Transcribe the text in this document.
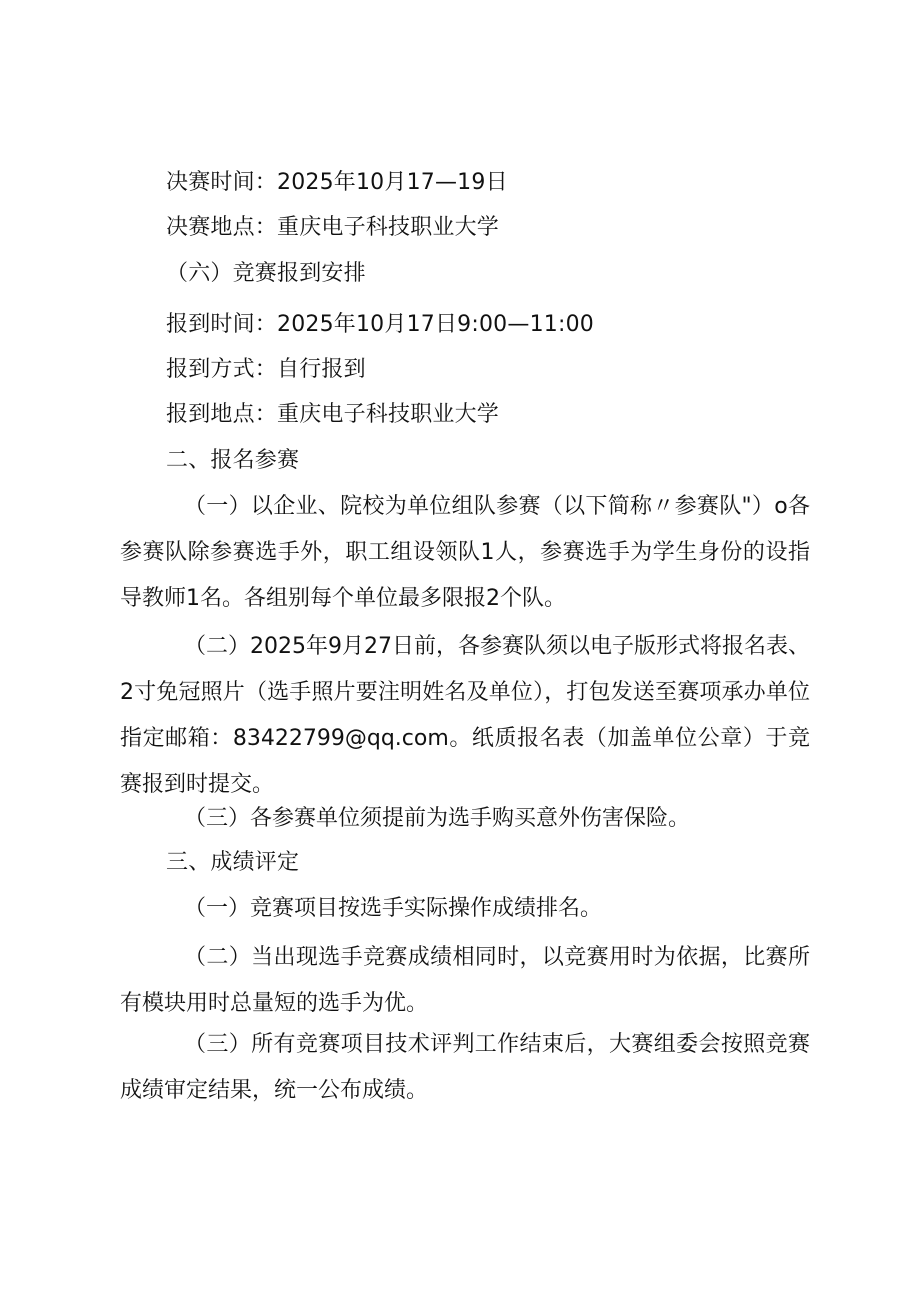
决赛时间：2025年10月17—19日
决赛地点：重庆电子科技职业大学
（六）竞赛报到安排
报到时间：2025年10月17日9:00—11:00
报到方式：自行报到
报到地点：重庆电子科技职业大学
二、报名参赛
（一）以企业、院校为单位组队参赛（以下简称〃参赛队"）o各参赛队除参赛选手外，职工组设领队1人，参赛选手为学生身份的设指导教师1名。各组别每个单位最多限报2个队。
（二）2025年9月27日前，各参赛队须以电子版形式将报名表、2寸免冠照片（选手照片要注明姓名及单位），打包发送至赛项承办单位指定邮箱：83422799@qq.com。纸质报名表（加盖单位公章）于竞赛报到时提交。
（三）各参赛单位须提前为选手购买意外伤害保险。
三、成绩评定
（一）竞赛项目按选手实际操作成绩排名。
（二）当出现选手竞赛成绩相同时，以竞赛用时为依据，比赛所有模块用时总量短的选手为优。
（三）所有竞赛项目技术评判工作结束后，大赛组委会按照竞赛成绩审定结果，统一公布成绩。
